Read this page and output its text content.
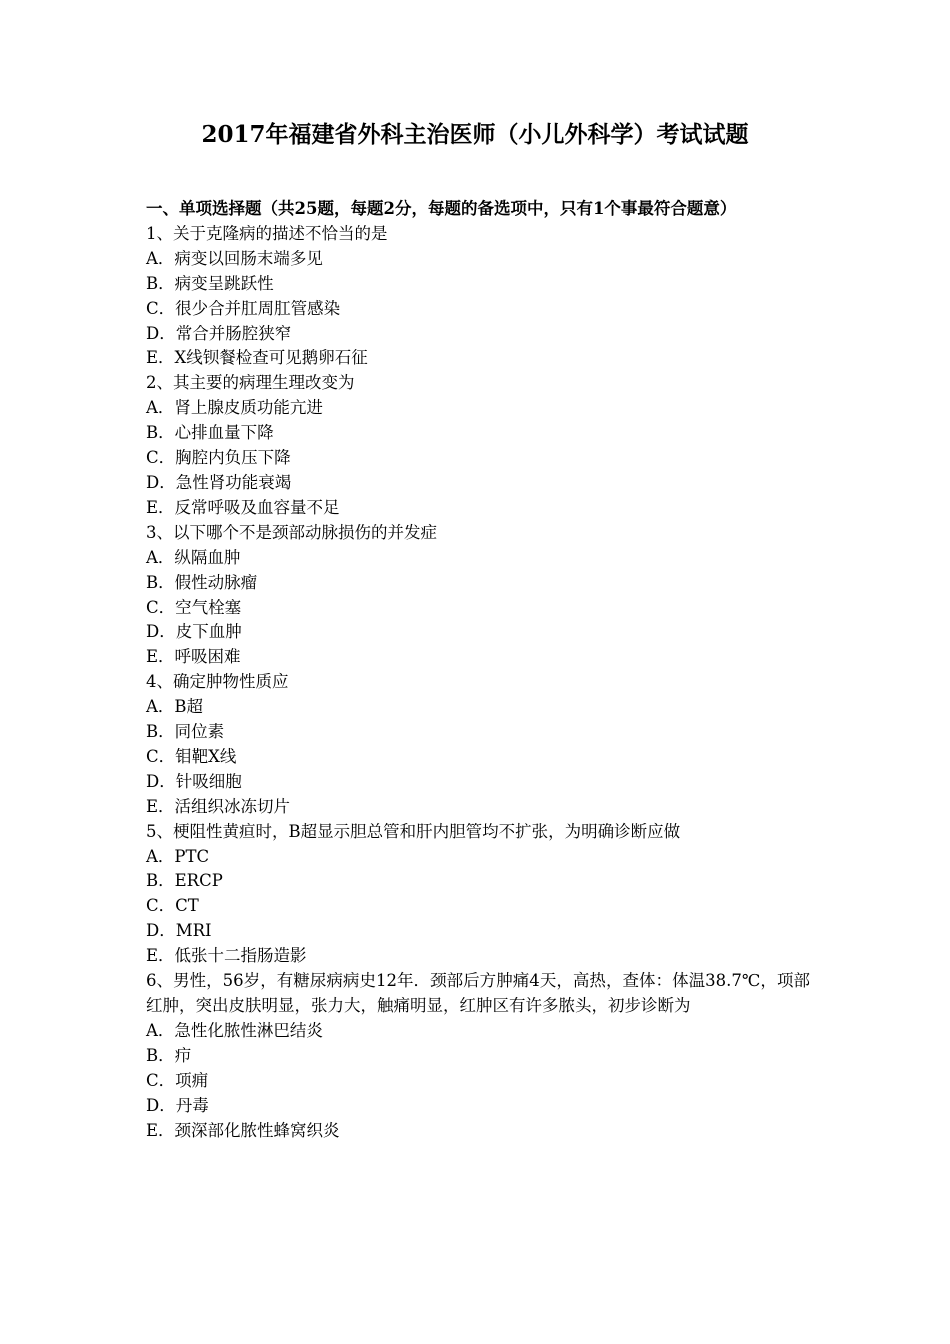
2017年福建省外科主治医师（小儿外科学）考试试题

一、单项选择题（共25题，每题2分，每题的备选项中，只有1个事最符合题意）

1、关于克隆病的描述不恰当的是

A．病变以回肠末端多见

B．病变呈跳跃性

C．很少合并肛周肛管感染

D．常合并肠腔狭窄

E．X线钡餐检查可见鹅卵石征

2、其主要的病理生理改变为

A．肾上腺皮质功能亢进

B．心排血量下降

C．胸腔内负压下降

D．急性肾功能衰竭

E．反常呼吸及血容量不足

3、以下哪个不是颈部动脉损伤的并发症

A．纵隔血肿

B．假性动脉瘤

C．空气栓塞

D．皮下血肿

E．呼吸困难

4、确定肿物性质应

A．B超

B．同位素

C．钼靶X线

D．针吸细胞

E．活组织冰冻切片

5、梗阻性黄疸时，B超显示胆总管和肝内胆管均不扩张，为明确诊断应做

A．PTC

B．ERCP

C．CT

D．MRI

E．低张十二指肠造影

6、男性，56岁，有糖尿病病史12年．颈部后方肿痛4天，高热，查体：体温38.7℃，项部红肿，突出皮肤明显，张力大，触痛明显，红肿区有许多脓头，初步诊断为

A．急性化脓性淋巴结炎

B．疖

C．项痈

D．丹毒

E．颈深部化脓性蜂窝织炎
